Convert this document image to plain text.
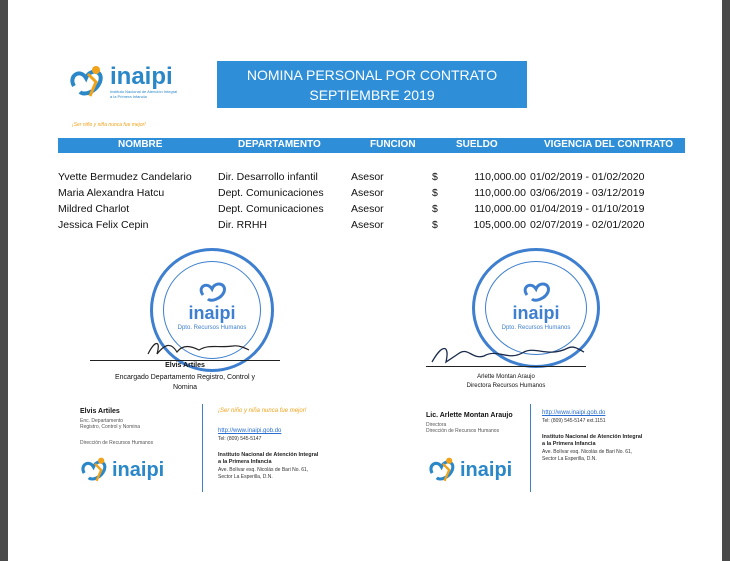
inaipi
Instituto Nacional de Atención Integral a la Primera Infancia
¡Ser niño y niña nunca fue mejor!
NOMINA PERSONAL POR CONTRATO
SEPTIEMBRE 2019
NOMBRE	DEPARTAMENTO	FUNCION	SUELDO	VIGENCIA DEL CONTRATO
Yvette Bermudez Candelario	Dir. Desarrollo infantil	Asesor	$	110,000.00 01/02/2019 - 01/02/2020
Maria Alexandra Hatcu	Dept. Comunicaciones	Asesor	$	110,000.00 03/06/2019 - 03/12/2019
Mildred Charlot	Dept. Comunicaciones	Asesor	$	110,000.00 01/04/2019 - 01/10/2019
Jessica Felix Cepin	Dir. RRHH	Asesor	$	105,000.00 02/07/2019 - 02/01/2020
inaipi
Dpto. Recursos Humanos
Elvis Artiles
Encargado Departamento Registro, Control y
Nomina
inaipi
Dpto. Recursos Humanos
Arlette Montan Araujo
Directora Recursos Humanos
Elvis Artiles
Enc. Departamento
Registro, Control y Nomina
Dirección de Recursos Humanos
inaipi
¡Ser niño y niña nunca fue mejor!
http://www.inaipi.gob.do
Tel: (809) 545-5147
Instituto Nacional de Atención Integral
a la Primera Infancia
Ave. Bolívar esq. Nicolás de Bari No. 61,
Sector La Esperilla, D.N.
Lic. Arlette Montan Araujo
Directora
Dirección de Recursos Humanos
inaipi
http://www.inaipi.gob.do
Tel: (809) 545-5147 ext.1151
Instituto Nacional de Atención Integral
a la Primera Infancia
Ave. Bolívar esq. Nicolás de Bari No. 61,
Sector La Esperilla, D.N.
